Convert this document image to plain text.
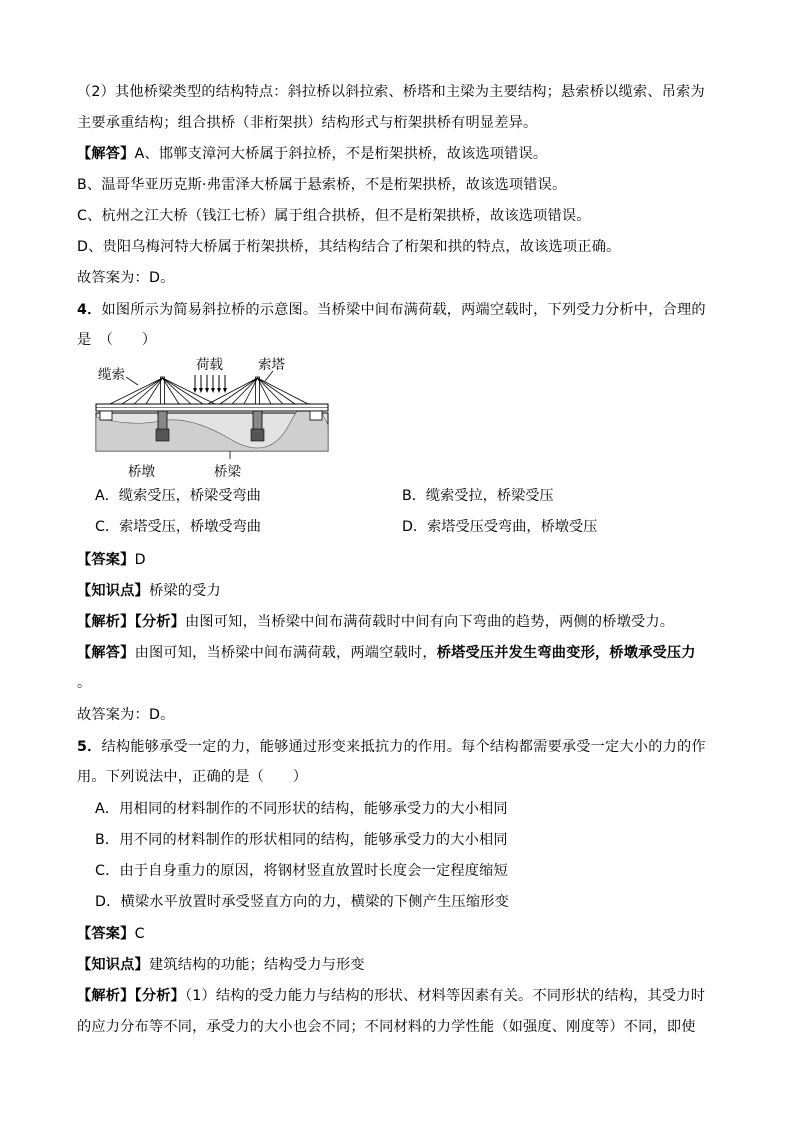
（2）其他桥梁类型的结构特点：斜拉桥以斜拉索、桥塔和主梁为主要结构；悬索桥以缆索、吊索为
主要承重结构；组合拱桥（非桁架拱）结构形式与桁架拱桥有明显差异。
【解答】A、邯郸支漳河大桥属于斜拉桥，不是桁架拱桥，故该选项错误。
B、温哥华亚历克斯·弗雷泽大桥属于悬索桥，不是桁架拱桥，故该选项错误。
C、杭州之江大桥（钱江七桥）属于组合拱桥，但不是桁架拱桥，故该选项错误。
D、贵阳乌梅河特大桥属于桁架拱桥，其结构结合了桁架和拱的特点，故该选项正确。
故答案为：D。
4．如图所示为简易斜拉桥的示意图。当桥梁中间布满荷载，两端空载时，下列受力分析中，合理的
是　（　　）
缆索
荷载	索塔
桥墩	桥梁
A．缆索受压，桥梁受弯曲	B．缆索受拉，桥梁受压
C．索塔受压，桥墩受弯曲	D．索塔受压受弯曲，桥墩受压
【答案】D
【知识点】桥梁的受力
【解析】【分析】由图可知，当桥梁中间布满荷载时中间有向下弯曲的趋势，两侧的桥墩受力。
【解答】由图可知，当桥梁中间布满荷载，两端空载时，桥塔受压并发生弯曲变形，桥墩承受压力
。
故答案为：D。
5．结构能够承受一定的力，能够通过形变来抵抗力的作用。每个结构都需要承受一定大小的力的作
用。下列说法中，正确的是（　　）
A．用相同的材料制作的不同形状的结构，能够承受力的大小相同
B．用不同的材料制作的形状相同的结构，能够承受力的大小相同
C．由于自身重力的原因，将钢材竖直放置时长度会一定程度缩短
D．横梁水平放置时承受竖直方向的力，横梁的下侧产生压缩形变
【答案】C
【知识点】建筑结构的功能；结构受力与形变
【解析】【分析】（1）结构的受力能力与结构的形状、材料等因素有关。不同形状的结构，其受力时
的应力分布等不同，承受力的大小也会不同；不同材料的力学性能（如强度、刚度等）不同，即使
